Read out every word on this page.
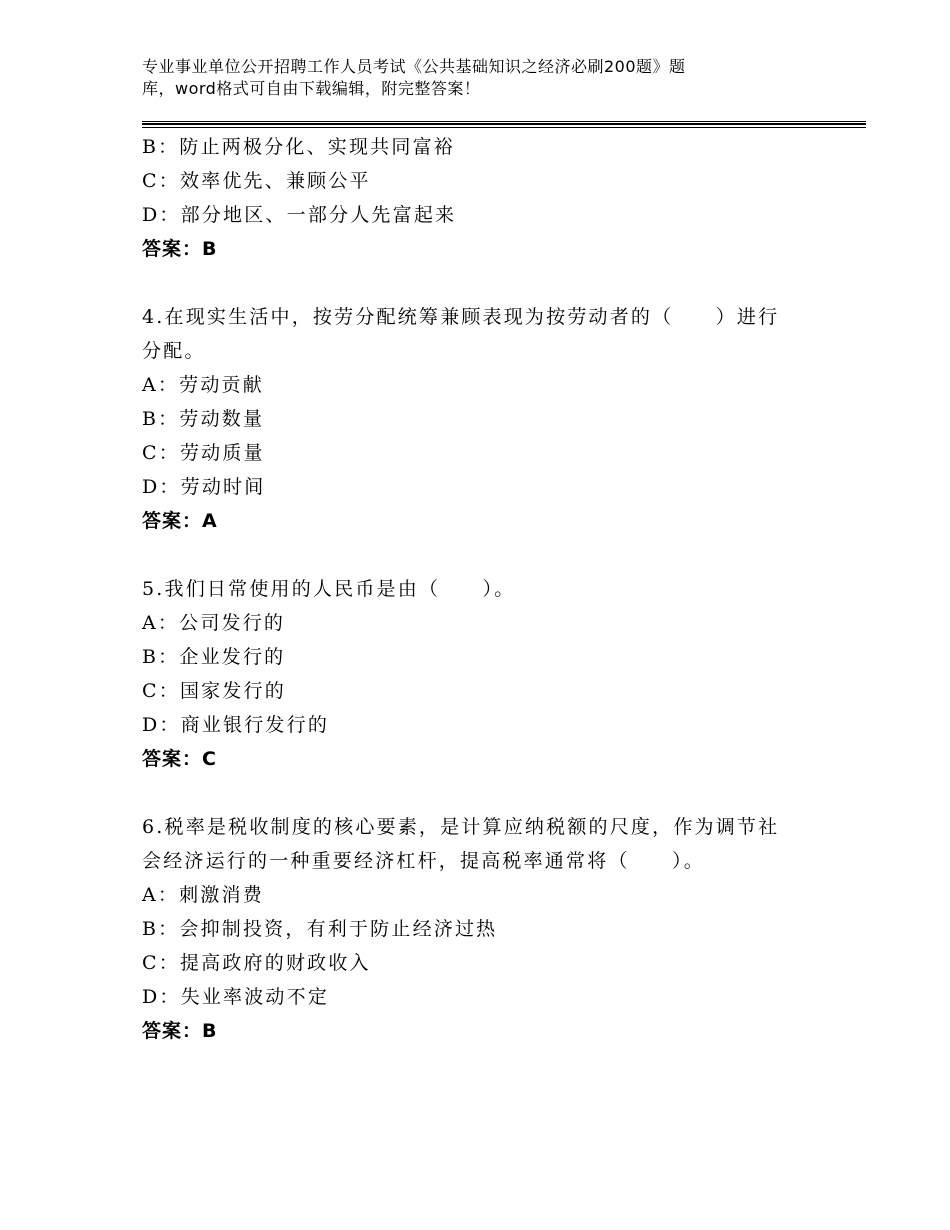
专业事业单位公开招聘工作人员考试《公共基础知识之经济必刷200题》题
库，word格式可自由下载编辑，附完整答案！
B：防止两极分化、实现共同富裕
C：效率优先、兼顾公平
D：部分地区、一部分人先富起来
答案：B
4.在现实生活中，按劳分配统筹兼顾表现为按劳动者的（　　）进行
分配。
A：劳动贡献
B：劳动数量
C：劳动质量
D：劳动时间
答案：A
5.我们日常使用的人民币是由（　　）。
A：公司发行的
B：企业发行的
C：国家发行的
D：商业银行发行的
答案：C
6.税率是税收制度的核心要素，是计算应纳税额的尺度，作为调节社
会经济运行的一种重要经济杠杆，提高税率通常将（　　）。
A：刺激消费
B：会抑制投资，有利于防止经济过热
C：提高政府的财政收入
D：失业率波动不定
答案：B
